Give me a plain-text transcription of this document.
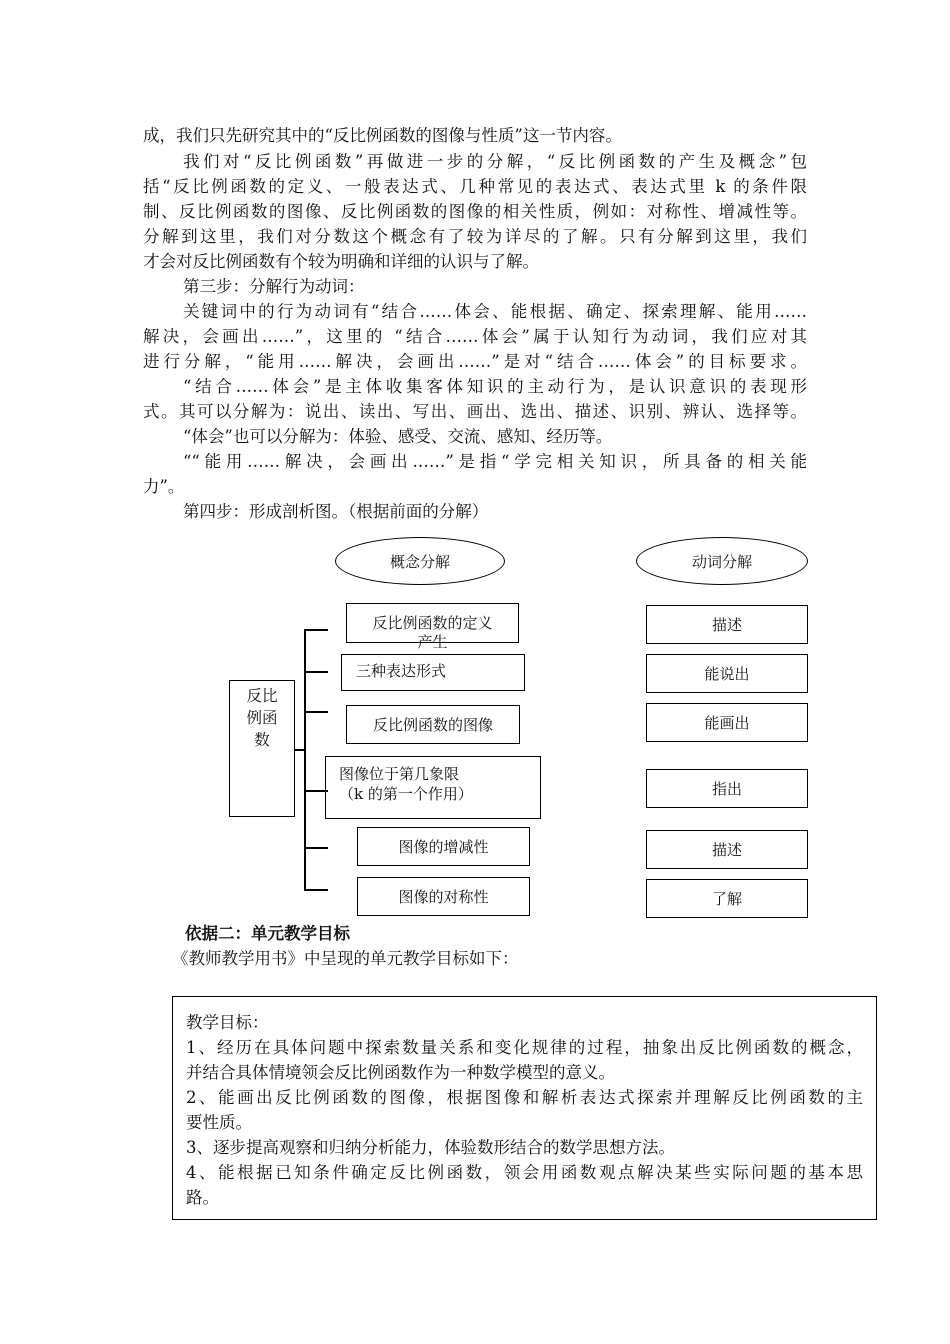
成，我们只先研究其中的“反比例函数的图像与性质”这一节内容。
我们对“反比例函数”再做进一步的分解，“反比例函数的产生及概念”包
括“反比例函数的定义、一般表达式、几种常见的表达式、表达式里 k 的条件限
制、反比例函数的图像、反比例函数的图像的相关性质，例如：对称性、增减性等。
分解到这里，我们对分数这个概念有了较为详尽的了解。只有分解到这里，我们
才会对反比例函数有个较为明确和详细的认识与了解。
第三步：分解行为动词：
关键词中的行为动词有“结合……体会、能根据、确定、探索理解、能用……
解决，会画出……”，这里的 “结合……体会”属于认知行为动词，我们应对其
进行分解，“能用……解决，会画出……”是对“结合……体会”的目标要求。
“结合……体会”是主体收集客体知识的主动行为，是认识意识的表现形
式。其可以分解为：说出、读出、写出、画出、选出、描述、识别、辨认、选择等。
“体会”也可以分解为：体验、感受、交流、感知、经历等。
““能用……解决，会画出……”是指“学完相关知识，所具备的相关能
力”。
第四步：形成剖析图。（根据前面的分解）
概念分解	动词分解
反比
例函
数
反比例函数的定义
产生
三种表达形式
反比例函数的图像
图像位于第几象限
（k 的第一个作用）
图像的增减性
图像的对称性
描述
能说出
能画出
指出
描述
了解
依据二：单元教学目标
《教师教学用书》中呈现的单元教学目标如下：
教学目标：
1、经历在具体问题中探索数量关系和变化规律的过程，抽象出反比例函数的概念，
并结合具体情境领会反比例函数作为一种数学模型的意义。
2、能画出反比例函数的图像，根据图像和解析表达式探索并理解反比例函数的主
要性质。
3、逐步提高观察和归纳分析能力，体验数形结合的数学思想方法。
4、能根据已知条件确定反比例函数，领会用函数观点解决某些实际问题的基本思
路。
